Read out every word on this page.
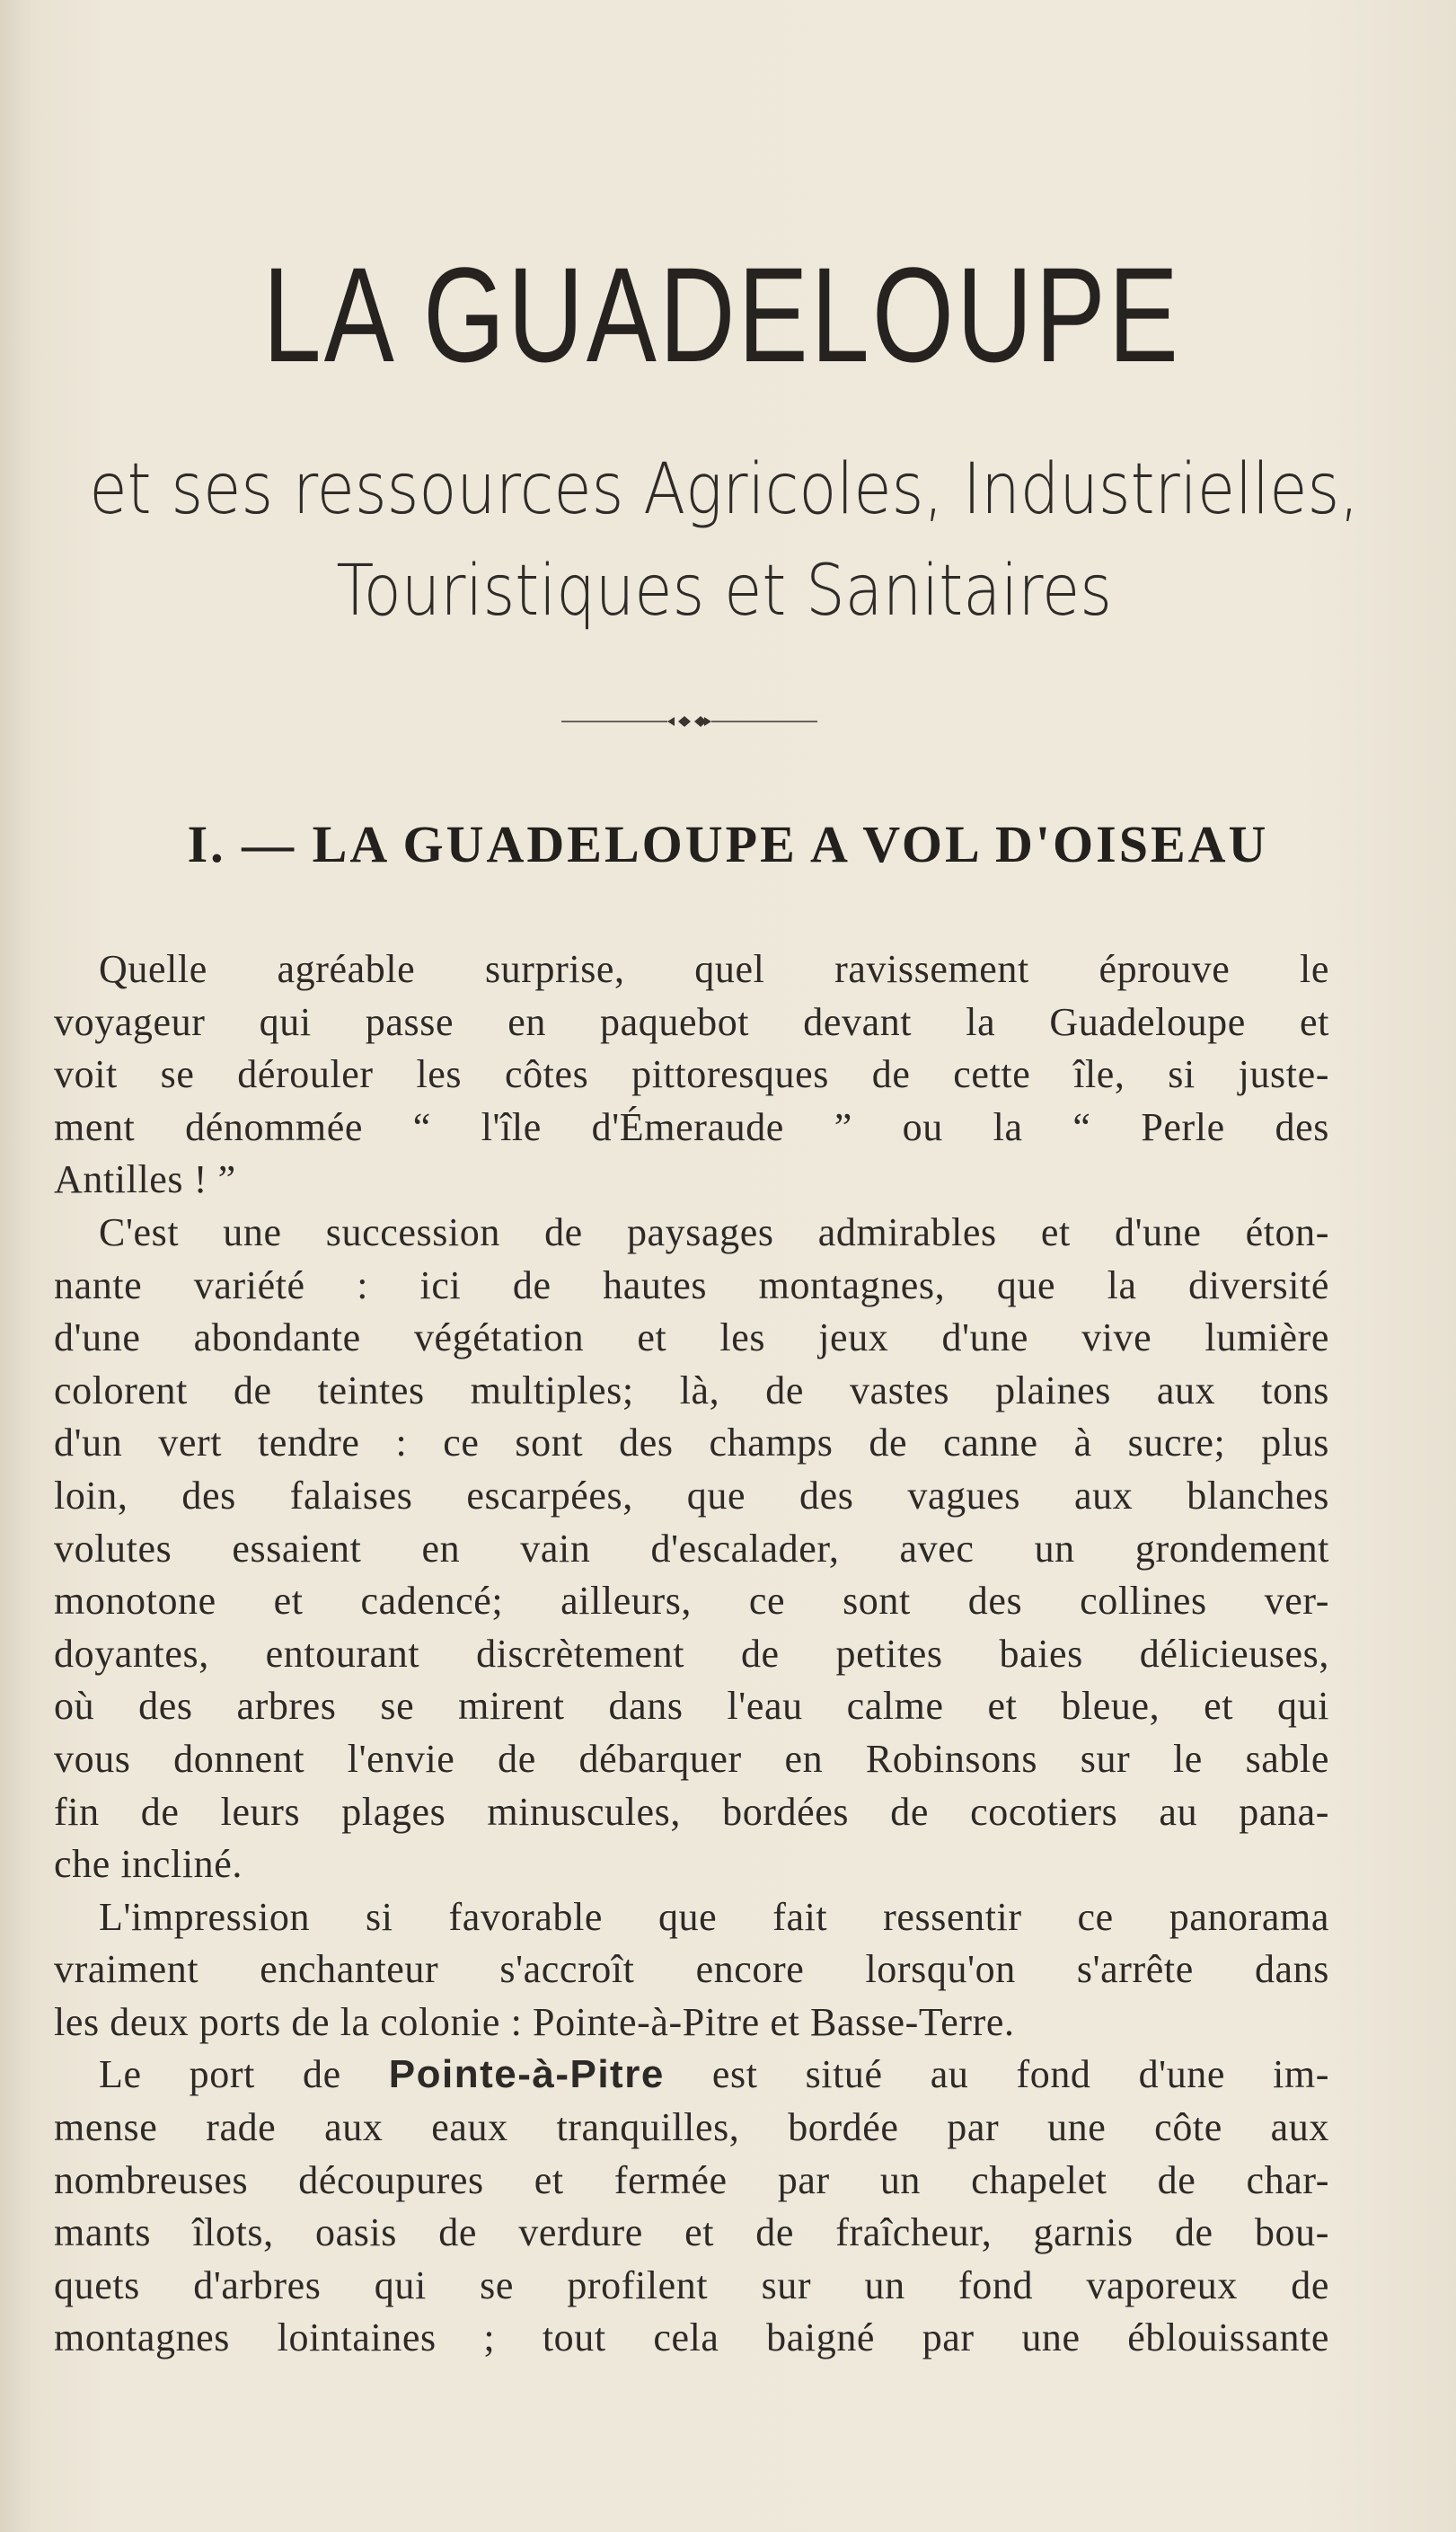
LA GUADELOUPE
et ses ressources Agricoles, Industrielles,
Touristiques et Sanitaires
I. — LA GUADELOUPE A VOL D'OISEAU
Quelle agréable surprise, quel ravissement éprouve le
voyageur qui passe en paquebot devant la Guadeloupe et
voit se dérouler les côtes pittoresques de cette île, si juste-
ment dénommée “ l'île d'Émeraude ” ou la “ Perle des
Antilles ! ”
C'est une succession de paysages admirables et d'une éton-
nante variété : ici de hautes montagnes, que la diversité
d'une abondante végétation et les jeux d'une vive lumière
colorent de teintes multiples; là, de vastes plaines aux tons
d'un vert tendre : ce sont des champs de canne à sucre; plus
loin, des falaises escarpées, que des vagues aux blanches
volutes essaient en vain d'escalader, avec un grondement
monotone et cadencé; ailleurs, ce sont des collines ver-
doyantes, entourant discrètement de petites baies délicieuses,
où des arbres se mirent dans l'eau calme et bleue, et qui
vous donnent l'envie de débarquer en Robinsons sur le sable
fin de leurs plages minuscules, bordées de cocotiers au pana-
che incliné.
L'impression si favorable que fait ressentir ce panorama
vraiment enchanteur s'accroît encore lorsqu'on s'arrête dans
les deux ports de la colonie : Pointe-à-Pitre et Basse-Terre.
Le port de Pointe-à-Pitre est situé au fond d'une im-
mense rade aux eaux tranquilles, bordée par une côte aux
nombreuses découpures et fermée par un chapelet de char-
mants îlots, oasis de verdure et de fraîcheur, garnis de bou-
quets d'arbres qui se profilent sur un fond vaporeux de
montagnes lointaines ; tout cela baigné par une éblouissante
